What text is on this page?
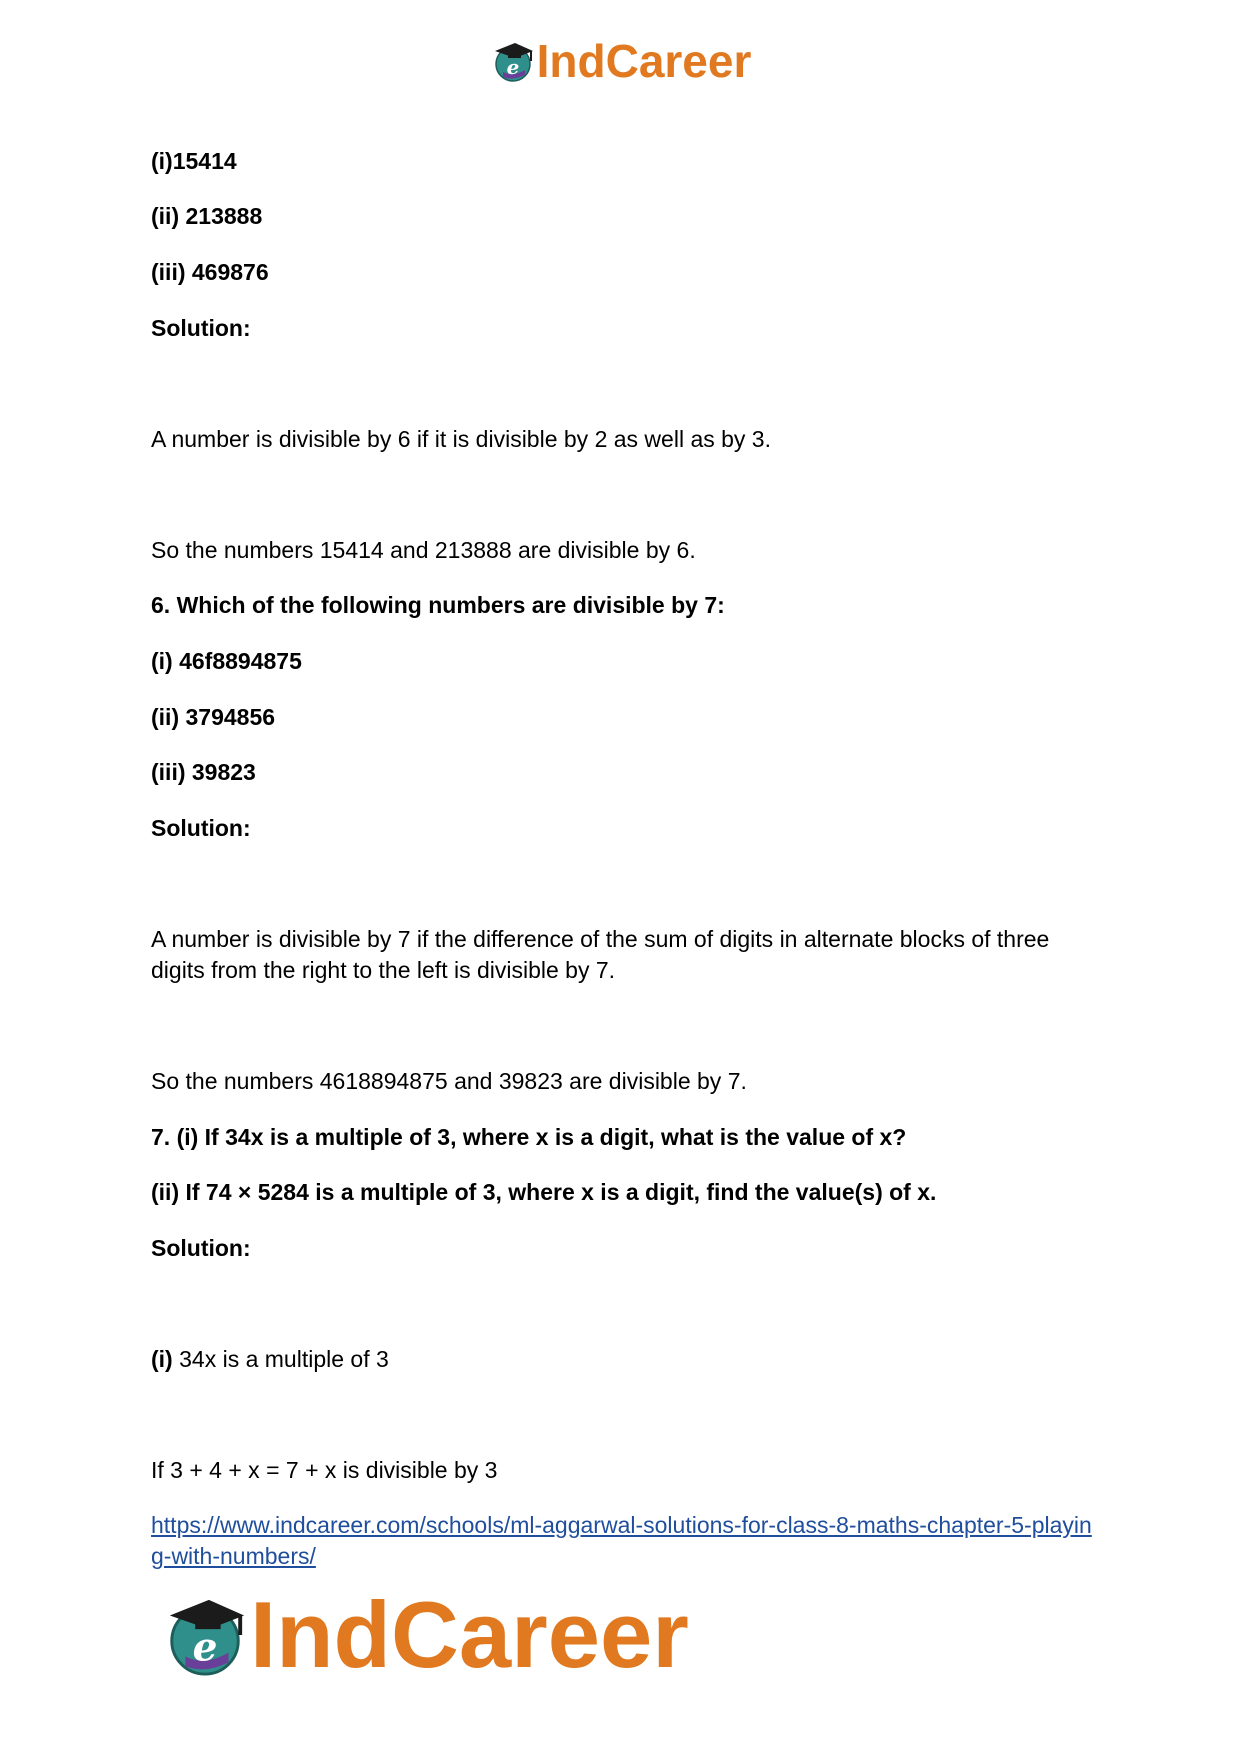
e IndCareer
(i)15414
(ii) 213888
(iii) 469876
Solution:
A number is divisible by 6 if it is divisible by 2 as well as by 3.
So the numbers 15414 and 213888 are divisible by 6.
6. Which of the following numbers are divisible by 7:
(i) 46f8894875
(ii) 3794856
(iii) 39823
Solution:
A number is divisible by 7 if the difference of the sum of digits in alternate blocks of three digits from the right to the left is divisible by 7.
So the numbers 4618894875 and 39823 are divisible by 7.
7. (i) If 34x is a multiple of 3, where x is a digit, what is the value of x?
(ii) If 74 × 5284 is a multiple of 3, where x is a digit, find the value(s) of x.
Solution:
(i) 34x is a multiple of 3
If 3 + 4 + x = 7 + x is divisible by 3
https://www.indcareer.com/schools/ml-aggarwal-solutions-for-class-8-maths-chapter-5-playing-with-numbers/
e IndCareer
